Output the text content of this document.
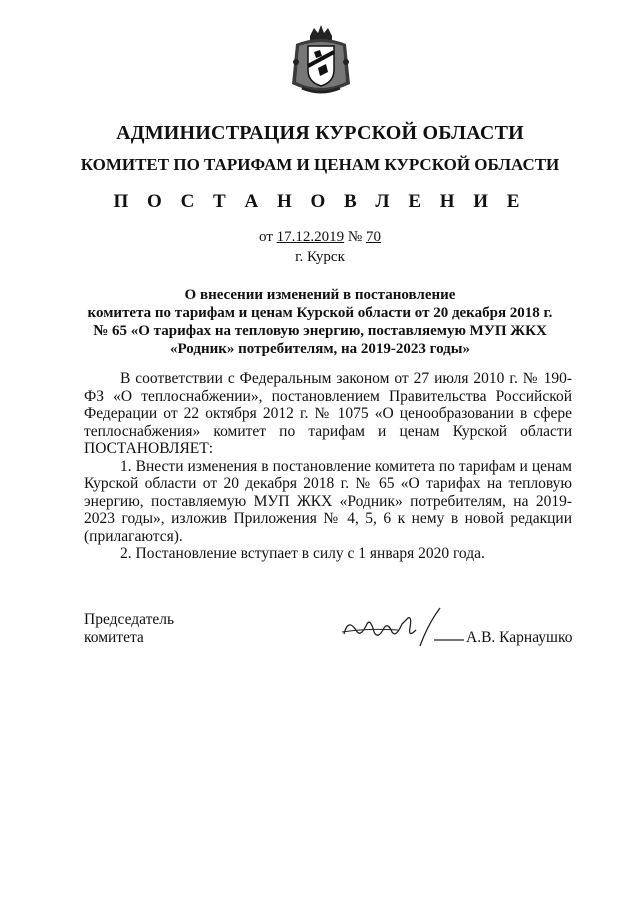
АДМИНИСТРАЦИЯ КУРСКОЙ ОБЛАСТИ
КОМИТЕТ ПО ТАРИФАМ И ЦЕНАМ КУРСКОЙ ОБЛАСТИ
П О С Т А Н О В Л Е Н И Е
от 17.12.2019 № 70
г. Курск
О внесении изменений в постановление
комитета по тарифам и ценам Курской области от 20 декабря 2018 г.
№ 65 «О тарифах на тепловую энергию, поставляемую МУП ЖКХ
«Родник» потребителям, на 2019-2023 годы»

В соответствии с Федеральным законом от 27 июля 2010 г. № 190-ФЗ «О теплоснабжении», постановлением Правительства Российской Федерации от 22 октября 2012 г. № 1075 «О ценообразовании в сфере теплоснабжения» комитет по тарифам и ценам Курской области ПОСТАНОВЛЯЕТ:

1. Внести изменения в постановление комитета по тарифам и ценам Курской области от 20 декабря 2018 г. № 65 «О тарифах на тепловую энергию, поставляемую МУП ЖКХ «Родник» потребителям, на 2019-2023 годы», изложив Приложения № 4, 5, 6 к нему в новой редакции (прилагаются).

2. Постановление вступает в силу с 1 января 2020 года.

Председатель
комитета	А.В. Карнаушко
